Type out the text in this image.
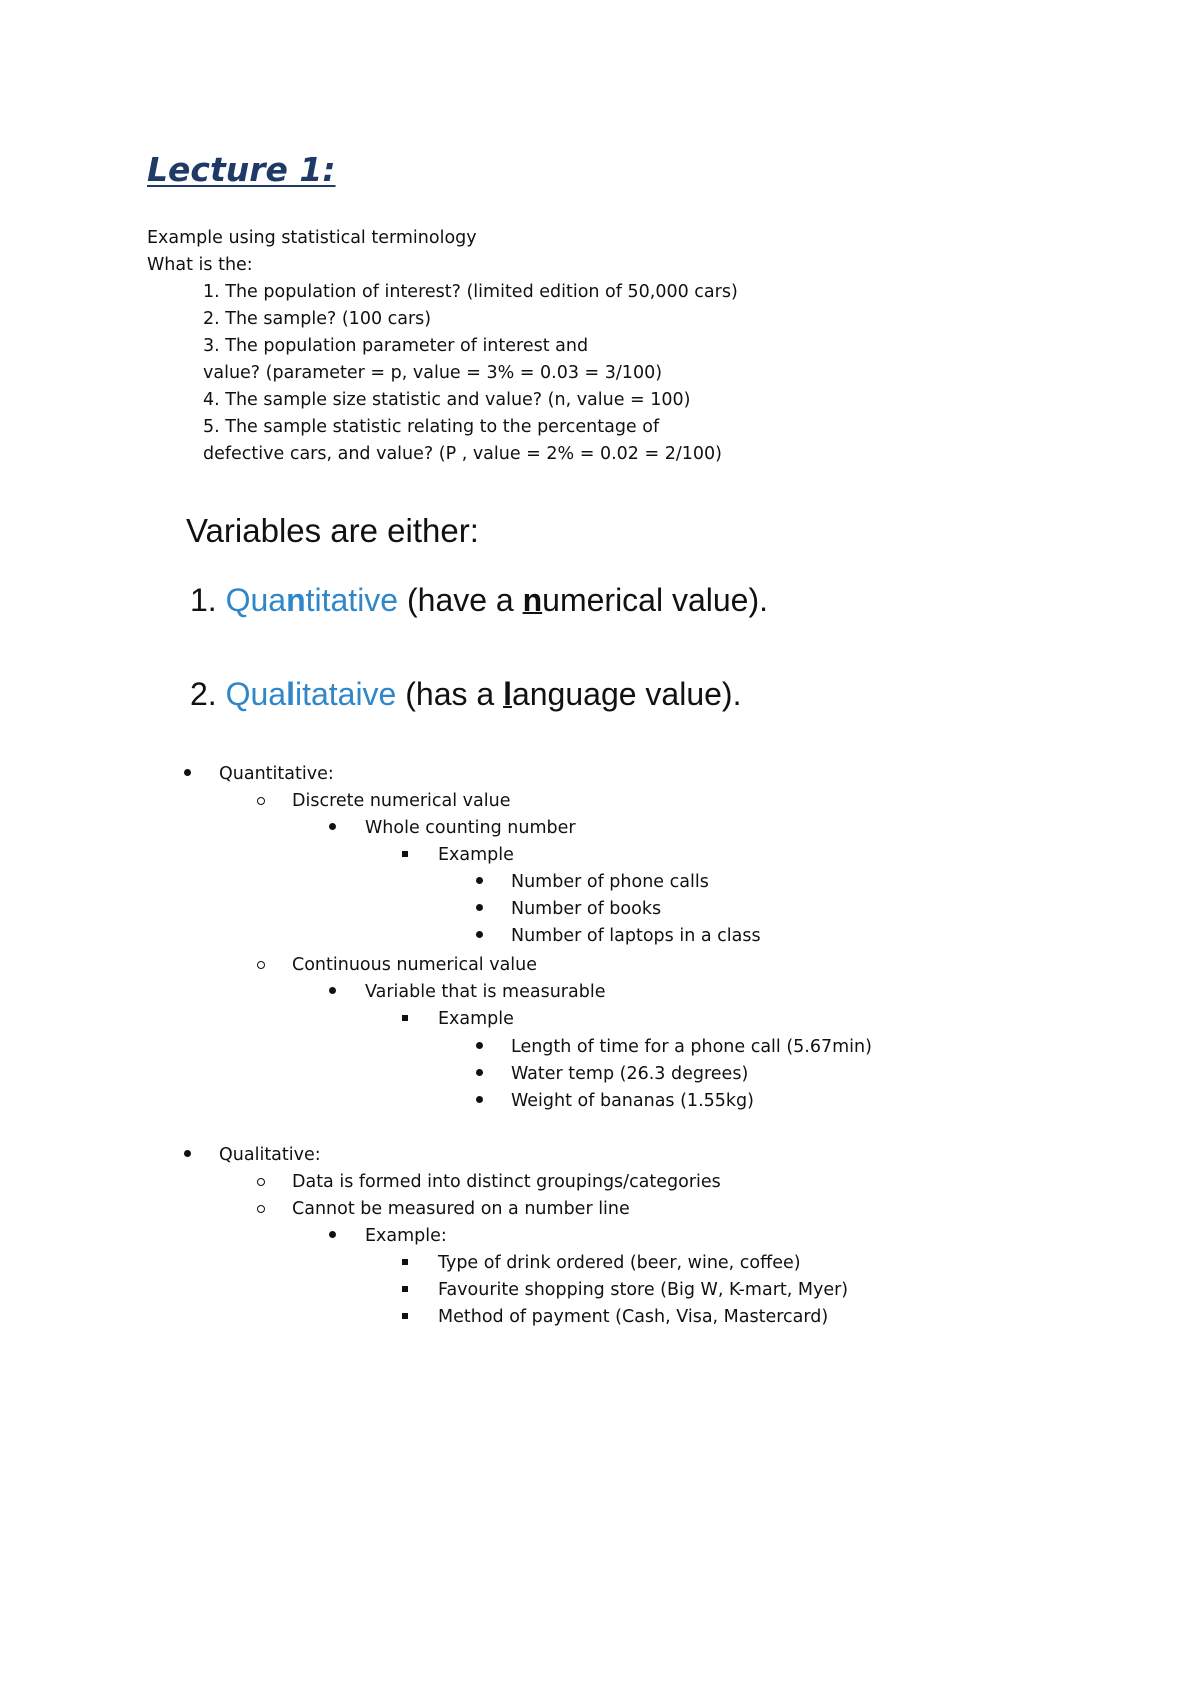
Lecture 1:
Example using statistical terminology
What is the:
1. The population of interest? (limited edition of 50,000 cars)
2. The sample? (100 cars)
3. The population parameter of interest and
value? (parameter = p, value = 3% = 0.03 = 3/100)
4. The sample size statistic and value? (n, value = 100)
5. The sample statistic relating to the percentage of
defective cars, and value? (P , value = 2% = 0.02 = 2/100)
Variables are either:
1. Quantitative (have a numerical value).
2. Qualitataive (has a language value).
Quantitative:
Discrete numerical value
Whole counting number
Example
Number of phone calls
Number of books
Number of laptops in a class
Continuous numerical value
Variable that is measurable
Example
Length of time for a phone call (5.67min)
Water temp (26.3 degrees)
Weight of bananas (1.55kg)
Qualitative:
Data is formed into distinct groupings/categories
Cannot be measured on a number line
Example:
Type of drink ordered (beer, wine, coffee)
Favourite shopping store (Big W, K-mart, Myer)
Method of payment (Cash, Visa, Mastercard)
